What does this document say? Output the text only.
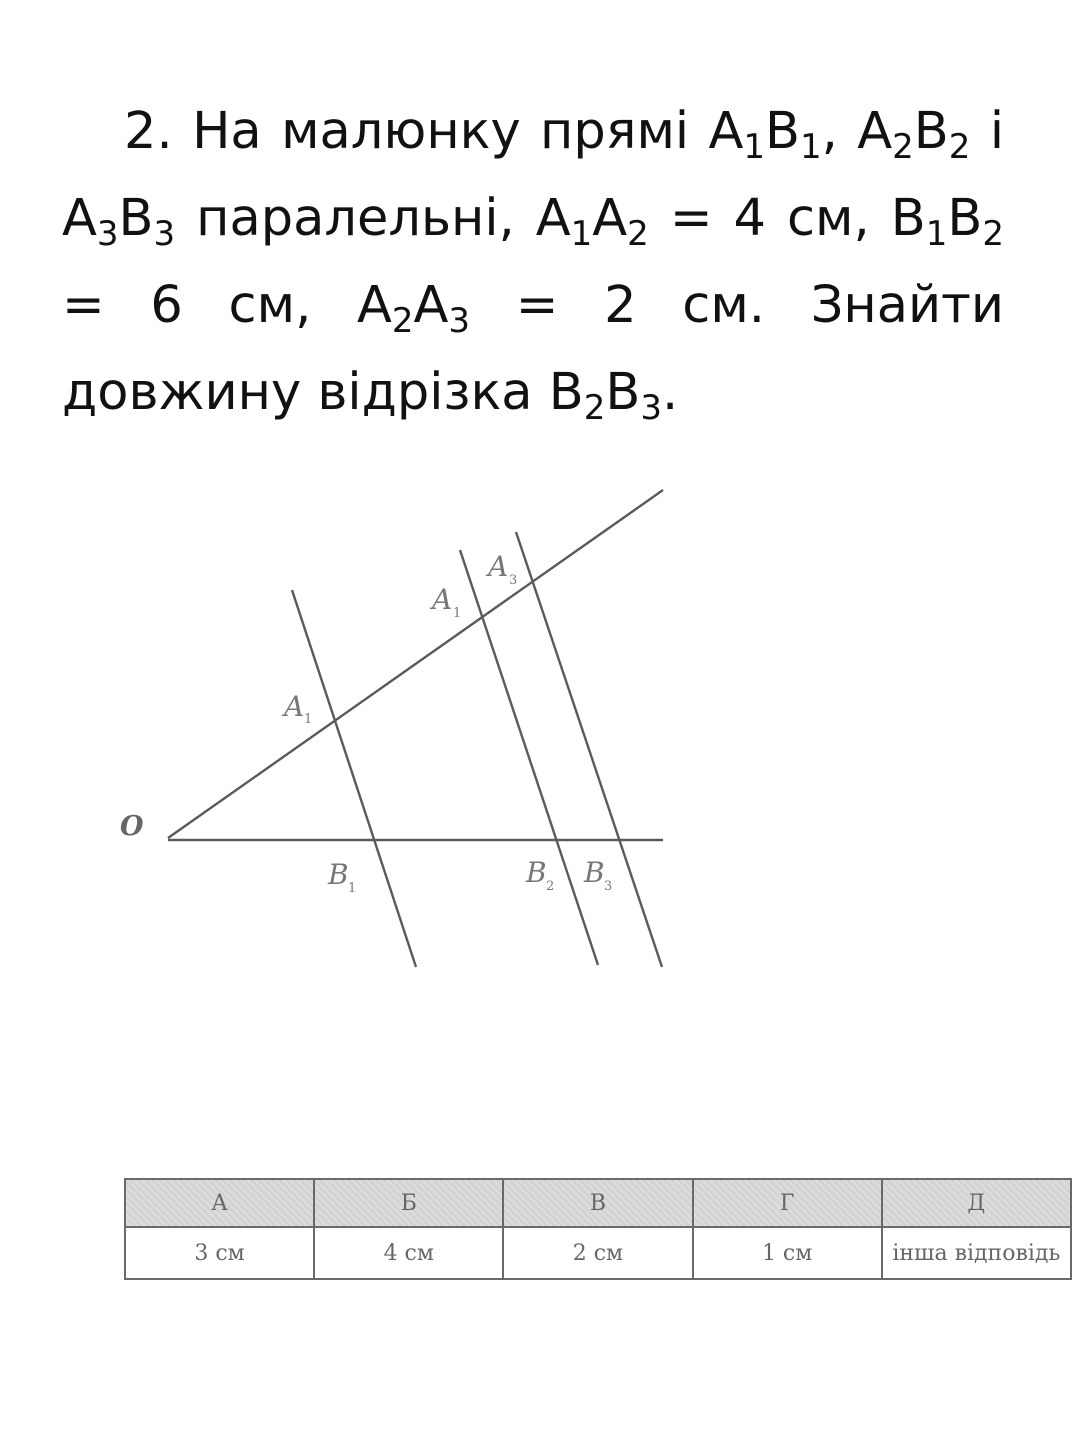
2. На малюнку прямі $А_1В_1$, $А_2В_2$ і $А_3В_3$ паралельні, $А_1А_2 = 4$ см, $В_1В_2 = 6$ см, $А_2А_3 = 2$ см. Знайти довжину відрізка $В_2В_3$.

O
A 1
A 1
A 3
B 1	B 2 B 3
А	Б	В	Г	Д
3 см	4 см	2 см	1 см	інша відповідь
